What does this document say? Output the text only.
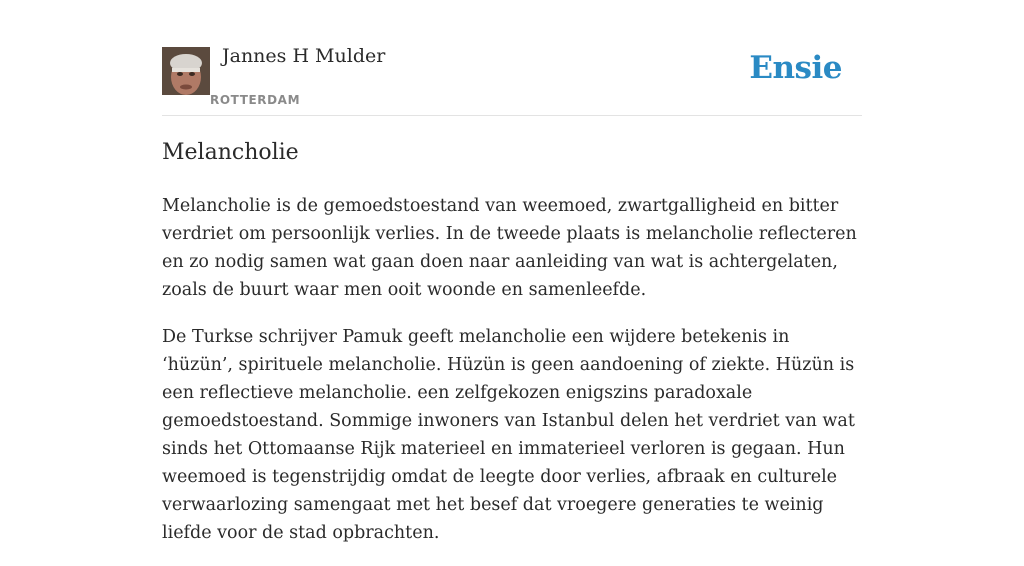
Jannes H Mulder
ROTTERDAM
Ensie
Melancholie

Melancholie is de gemoedstoestand van weemoed, zwartgalligheid en bitter verdriet om persoonlijk verlies. In de tweede plaats is melancholie reflecteren en zo nodig samen wat gaan doen naar aanleiding van wat is achtergelaten, zoals de buurt waar men ooit woonde en samenleefde.

De Turkse schrijver Pamuk geeft melancholie een wijdere betekenis in ‘hüzün’, spirituele melancholie. Hüzün is geen aandoening of ziekte. Hüzün is een reflectieve melancholie. een zelfgekozen enigszins paradoxale gemoedstoestand. Sommige inwoners van Istanbul delen het verdriet van wat sinds het Ottomaanse Rijk materieel en immaterieel verloren is gegaan. Hun weemoed is tegenstrijdig omdat de leegte door verlies, afbraak en culturele verwaarlozing samengaat met het besef dat vroegere generaties te weinig liefde voor de stad opbrachten.
